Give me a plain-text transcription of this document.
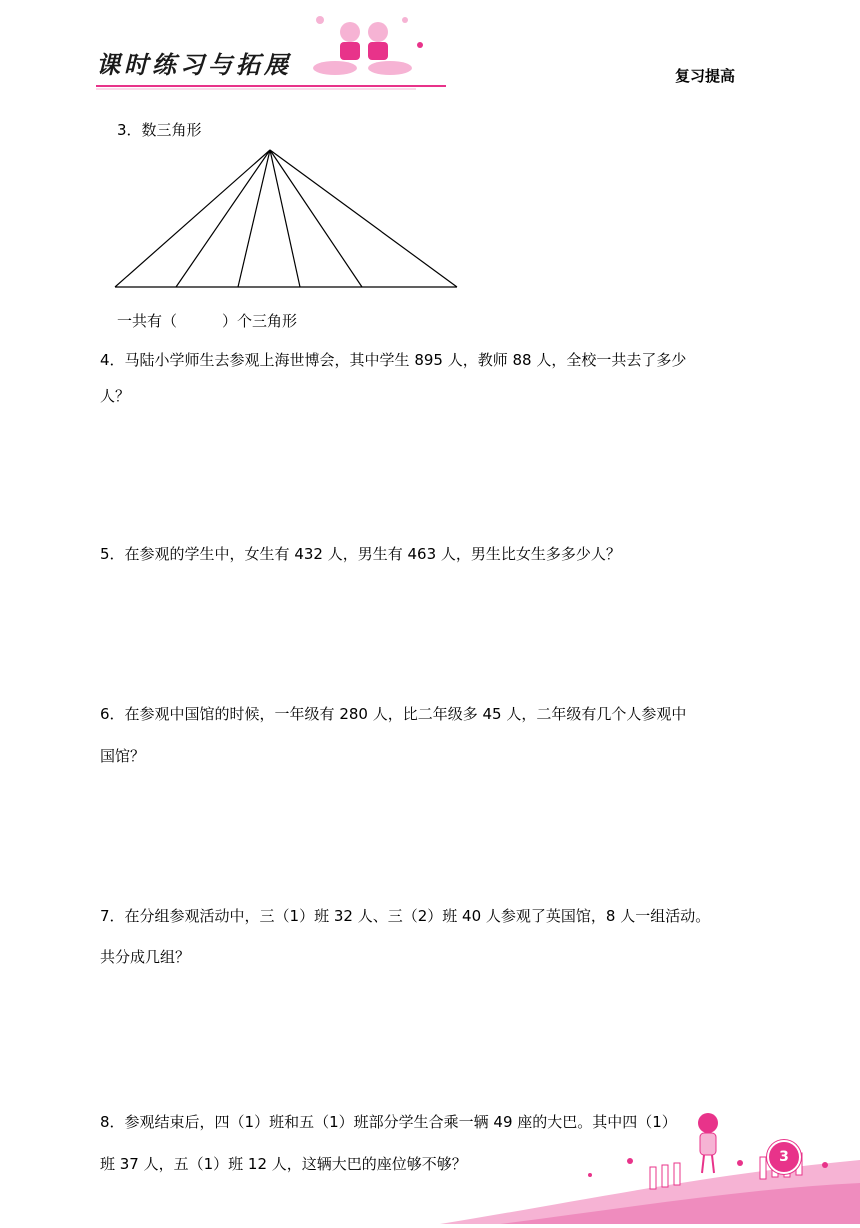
课时练习与拓展	复习提高
3．数三角形
一共有（　　　）个三角形
4．马陆小学师生去参观上海世博会，其中学生 895 人，教师 88 人，全校一共去了多少
人？
5．在参观的学生中，女生有 432 人，男生有 463 人，男生比女生多多少人？
6．在参观中国馆的时候，一年级有 280 人，比二年级多 45 人，二年级有几个人参观中
国馆？
7．在分组参观活动中，三（1）班 32 人、三（2）班 40 人参观了英国馆，8 人一组活动。
共分成几组？
8．参观结束后，四（1）班和五（1）班部分学生合乘一辆 49 座的大巴。其中四（1）
班 37 人，五（1）班 12 人，这辆大巴的座位够不够？	3
